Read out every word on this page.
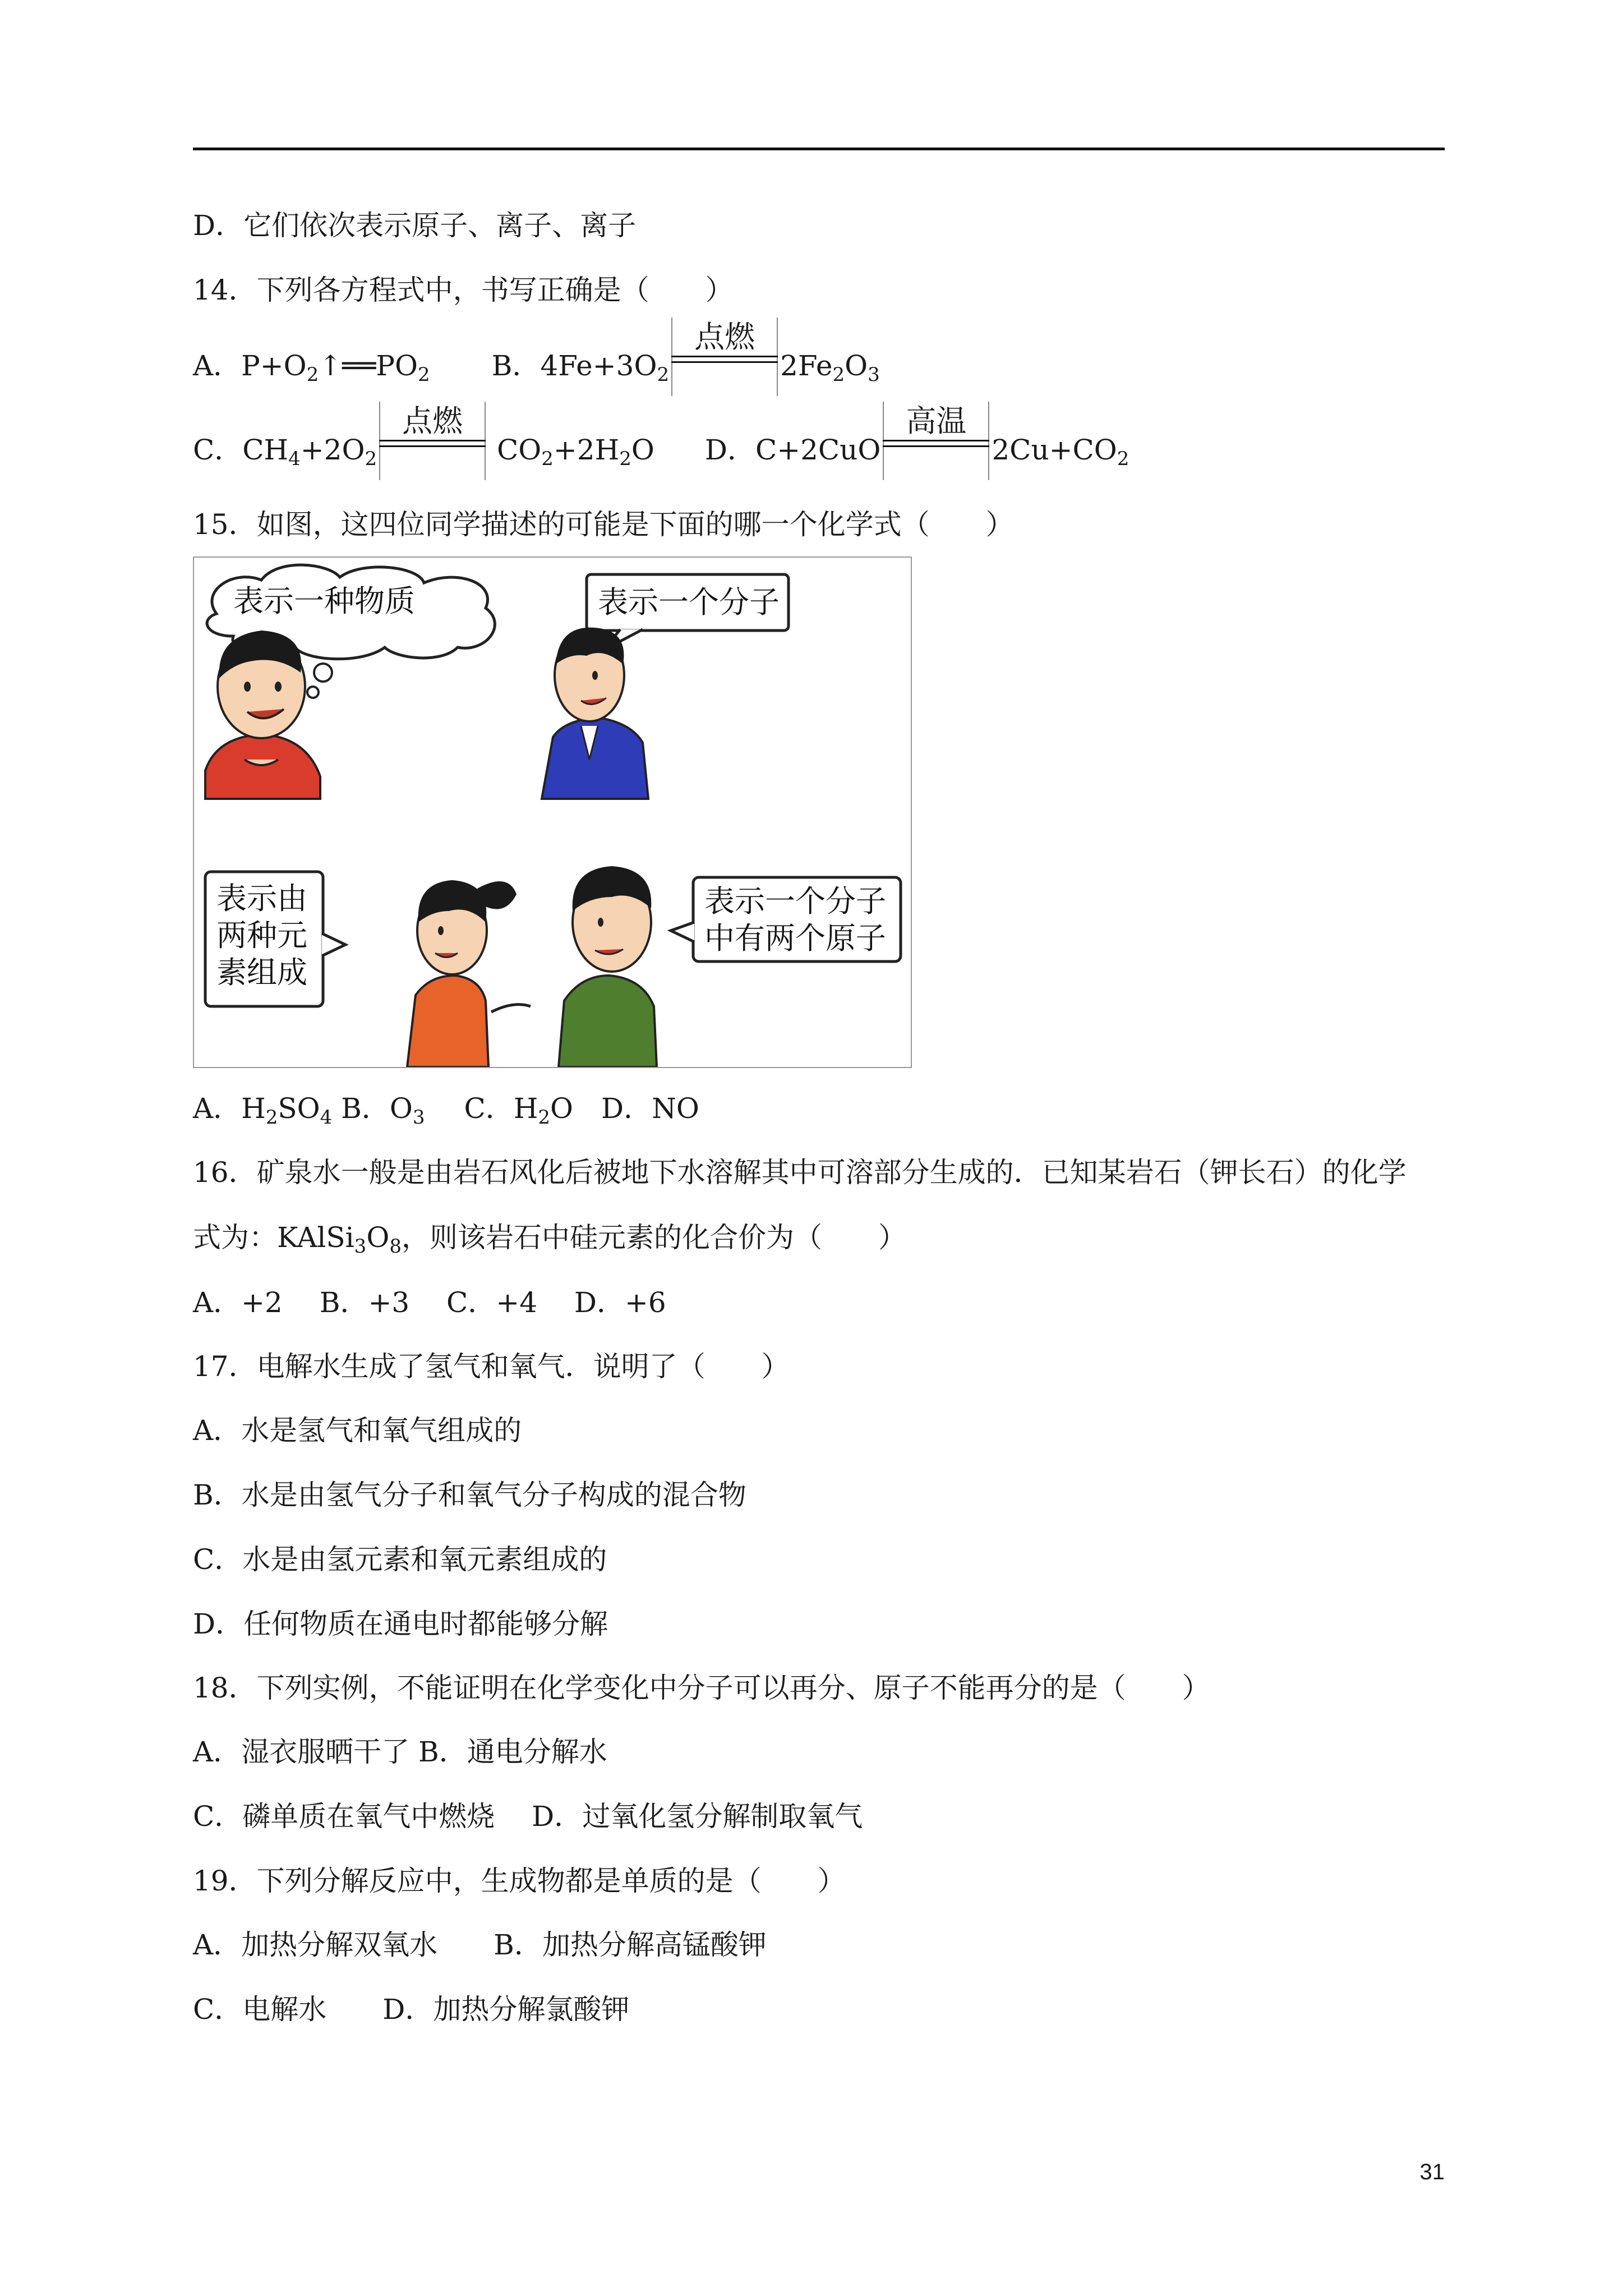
D．它们依次表示原子、离子、离子
14．下列各方程式中，书写正确是（　　）
A．$P+O_2↑══PO_2$ B．$4Fe+3O_2$
点燃
$2Fe_2O_3$
C．$CH_4+2O_2$
点燃
$CO_2+2H_2O$ D．C+2CuO
高温
$2Cu+CO_2$
15．如图，这四位同学描述的可能是下面的哪一个化学式（　　）
表示一种物质	表示一个分子
表示由
两种元
素组成
表示一个分子
中有两个原子
A．$H_2SO_4$ B．$O_3$ C．$H_2O$ D．NO
16．矿泉水一般是由岩石风化后被地下水溶解其中可溶部分生成的．已知某岩石（钾长石）的化学
式为：$KAlSi_3O_8$，则该岩石中硅元素的化合价为（　　）
A．+2　 B．+3　 C．+4　 D．+6
17．电解水生成了氢气和氧气．说明了（　　）
A．水是氢气和氧气组成的
B．水是由氢气分子和氧气分子构成的混合物
C．水是由氢元素和氧元素组成的
D．任何物质在通电时都能够分解
18．下列实例，不能证明在化学变化中分子可以再分、原子不能再分的是（　　）
A．湿衣服晒干了 B．通电分解水
C．磷单质在氧气中燃烧　 D．过氧化氢分解制取氧气
19．下列分解反应中，生成物都是单质的是（　　）
A．加热分解双氧水　　B．加热分解高锰酸钾
C．电解水　　D．加热分解氯酸钾
31
